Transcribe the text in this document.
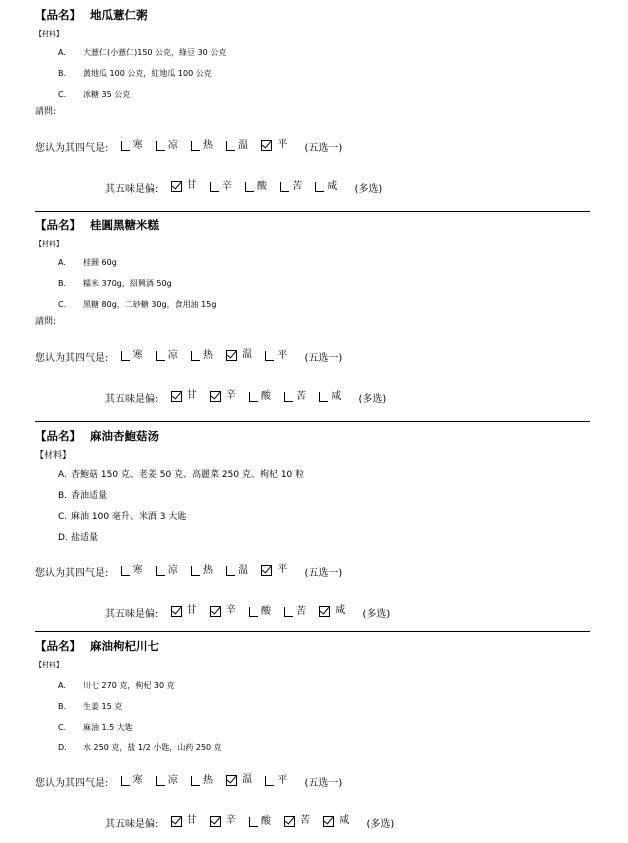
【品名】 地瓜薏仁粥
【材料】
A. 大薏仁(小薏仁)150 公克，綠豆 30 公克
B. 黃地瓜 100 公克，紅地瓜 100 公克
C. 冰糖 35 公克
請問:
您认为其四气是: 寒
	凉
	热
	温
	平 (五选一)
其五味是偏:	甘
	辛
	酸
	苦
	咸 (多选)
【品名】 桂圓黑糖米糕
【材料】
A. 桂圓 60g
B. 糯米 370g，紹興酒 50g
C. 黑糖 80g，二砂糖 30g，食用油 15g
請問:
您认为其四气是: 寒
	凉
	热
	温
	平 (五选一)
其五味是偏:	甘
	辛
	酸
	苦
	咸 (多选)
【品名】 麻油杏鮑菇汤
【材料】
A. 杏鮑菇 150 克、老姜 50 克、高麗菜 250 克、枸杞 10 粒
B. 香油适量
C. 麻油 100 毫升、米酒 3 大匙
D. 盐适量
您认为其四气是: 寒
	凉
	热
	温
	平 (五选一)
其五味是偏:	甘
	辛
	酸
	苦
	咸 (多选)
【品名】 麻油枸杞川七
【材料】
A. 川七 270 克，枸杞 30 克
B. 生姜 15 克
C. 麻油 1.5 大匙
D. 水 250 克，盐 1/2 小匙，山药 250 克
您认为其四气是: 寒
	凉
	热
	温
	平 (五选一)
其五味是偏:	甘
	辛
	酸
	苦
	咸 (多选)
